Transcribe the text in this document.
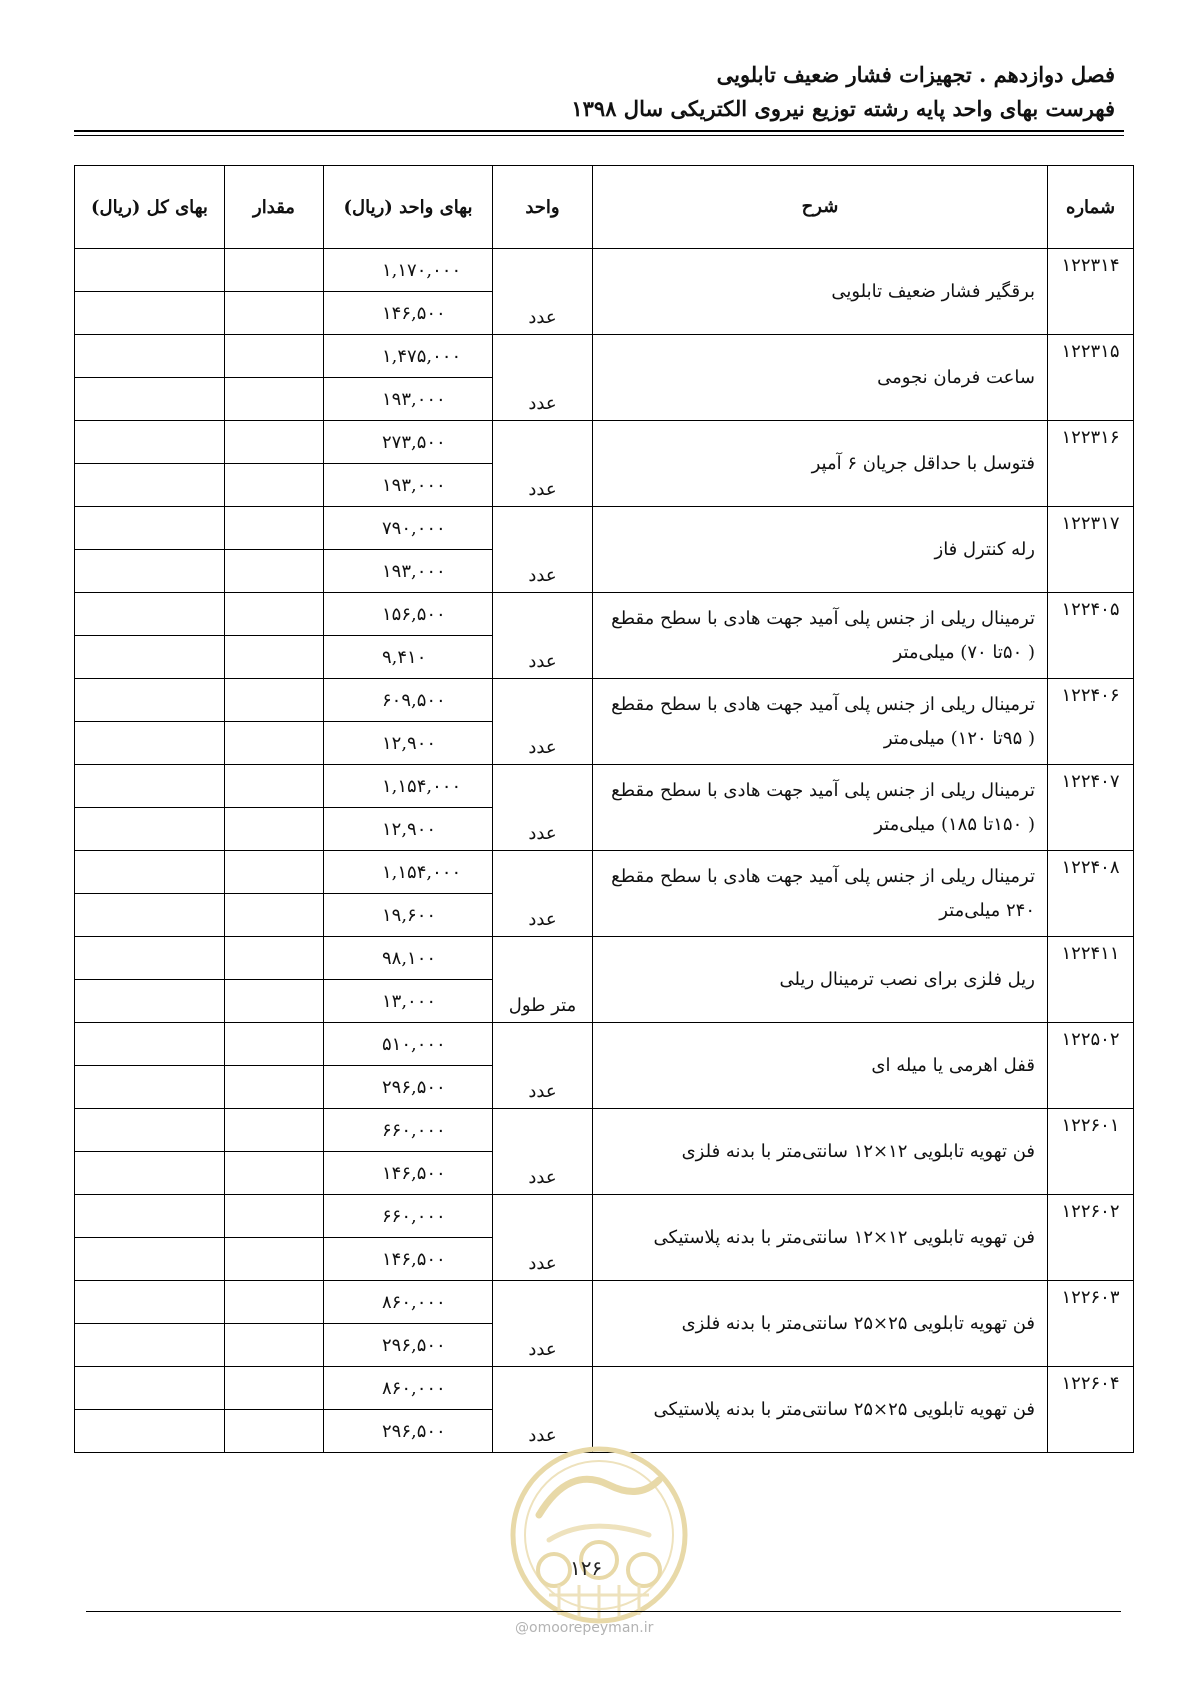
فصل دوازدهم . تجهیزات فشار ضعیف تابلویی
فهرست بهای واحد پایه رشته توزیع نیروی الکتریکی سال ۱۳۹۸
شماره	شرح	واحد	بهای واحد (ریال)	مقدار	بهای کل (ریال)
۱۲۲۳۱۴	برقگیر فشار ضعیف تابلویی	عدد	۱,۱۷۰,۰۰۰		
			۱۴۶,۵۰۰		
۱۲۲۳۱۵	ساعت فرمان نجومی	عدد	۱,۴۷۵,۰۰۰		
			۱۹۳,۰۰۰		
۱۲۲۳۱۶	فتوسل با حداقل جریان ۶ آمپر	عدد	۲۷۳,۵۰۰		
			۱۹۳,۰۰۰		
۱۲۲۳۱۷	رله کنترل فاز	عدد	۷۹۰,۰۰۰		
			۱۹۳,۰۰۰		
۱۲۲۴۰۵	ترمینال ریلی از جنس پلی آمید جهت هادی با سطح مقطع ( ۵۰تا ۷۰) میلی‌متر	عدد	۱۵۶,۵۰۰		
			۹,۴۱۰		
۱۲۲۴۰۶	ترمینال ریلی از جنس پلی آمید جهت هادی با سطح مقطع ( ۹۵تا ۱۲۰) میلی‌متر	عدد	۶۰۹,۵۰۰		
			۱۲,۹۰۰		
۱۲۲۴۰۷	ترمینال ریلی از جنس پلی آمید جهت هادی با سطح مقطع ( ۱۵۰تا ۱۸۵) میلی‌متر	عدد	۱,۱۵۴,۰۰۰		
			۱۲,۹۰۰		
۱۲۲۴۰۸	ترمینال ریلی از جنس پلی آمید جهت هادی با سطح مقطع ۲۴۰ میلی‌متر	عدد	۱,۱۵۴,۰۰۰		
			۱۹,۶۰۰		
۱۲۲۴۱۱	ریل فلزی برای نصب ترمینال ریلی	متر طول	۹۸,۱۰۰		
			۱۳,۰۰۰		
۱۲۲۵۰۲	قفل اهرمی یا میله ای	عدد	۵۱۰,۰۰۰		
			۲۹۶,۵۰۰		
۱۲۲۶۰۱	فن تهویه تابلویی ۱۲×۱۲ سانتی‌متر با بدنه فلزی	عدد	۶۶۰,۰۰۰		
			۱۴۶,۵۰۰		
۱۲۲۶۰۲	فن تهویه تابلویی ۱۲×۱۲ سانتی‌متر با بدنه پلاستیکی	عدد	۶۶۰,۰۰۰		
			۱۴۶,۵۰۰		
۱۲۲۶۰۳	فن تهویه تابلویی ۲۵×۲۵ سانتی‌متر با بدنه فلزی	عدد	۸۶۰,۰۰۰		
			۲۹۶,۵۰۰		
۱۲۲۶۰۴	فن تهویه تابلویی ۲۵×۲۵ سانتی‌متر با بدنه پلاستیکی	عدد	۸۶۰,۰۰۰		
			۲۹۶,۵۰۰		
۱۲۶
@omoorepeyman.ir
